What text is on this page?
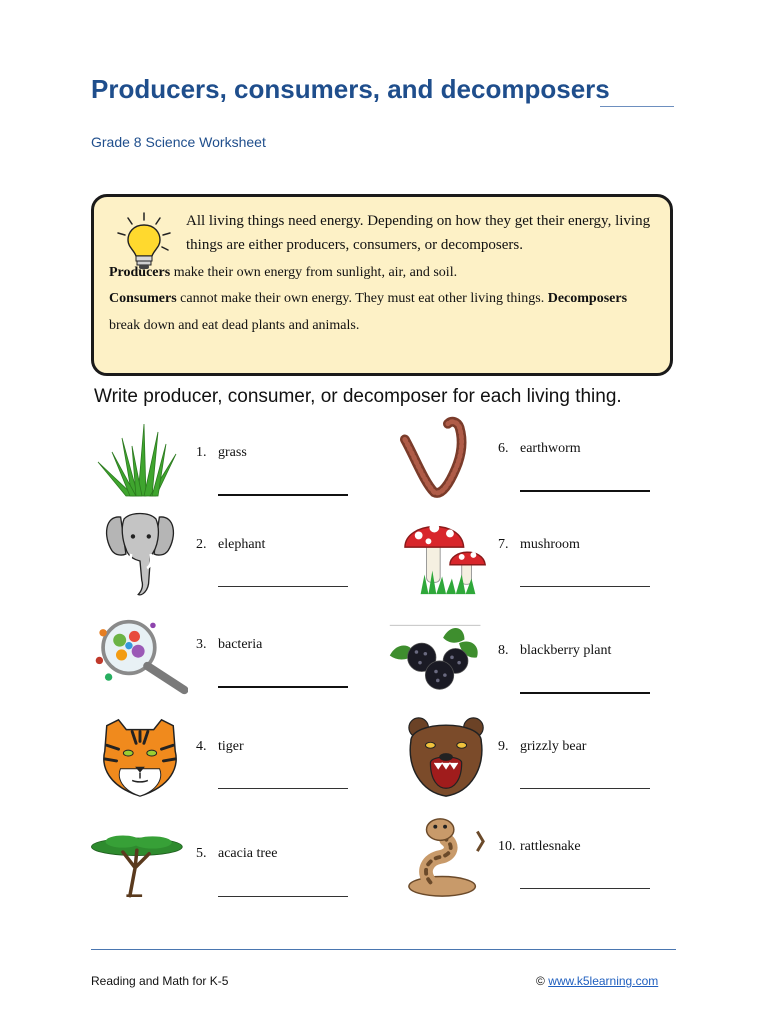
Producers, consumers, and decomposers
Grade 8 Science Worksheet
All living things need energy. Depending on how they get their energy, living things are either producers, consumers, or decomposers.
Producers make their own energy from sunlight, air, and soil.
Consumers cannot make their own energy. They must eat other living things. Decomposers
break down and eat dead plants and animals.
Write producer, consumer, or decomposer for each living thing.
1. grass
2. elephant
3. bacteria
4. tiger
5. acacia tree
6. earthworm
7. mushroom
8. blackberry plant
9. grizzly bear
10. rattlesnake
Reading and Math for K-5	© www.k5learning.com
